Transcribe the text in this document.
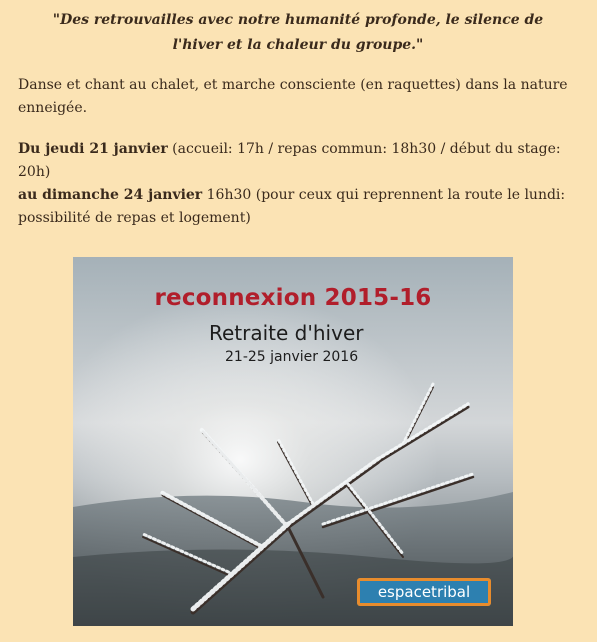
"Des retrouvailles avec notre humanité profonde, le silence de
l'hiver et la chaleur du groupe."
Danse et chant au chalet, et marche consciente (en raquettes) dans la nature enneigée.
Du jeudi 21 janvier (accueil: 17h / repas commun: 18h30 / début du stage: 20h)
au dimanche 24 janvier 16h30 (pour ceux qui reprennent la route le lundi: possibilité de repas et logement)
reconnexion 2015-16
Retraite d'hiver
21-25 janvier 2016
espacetribal
